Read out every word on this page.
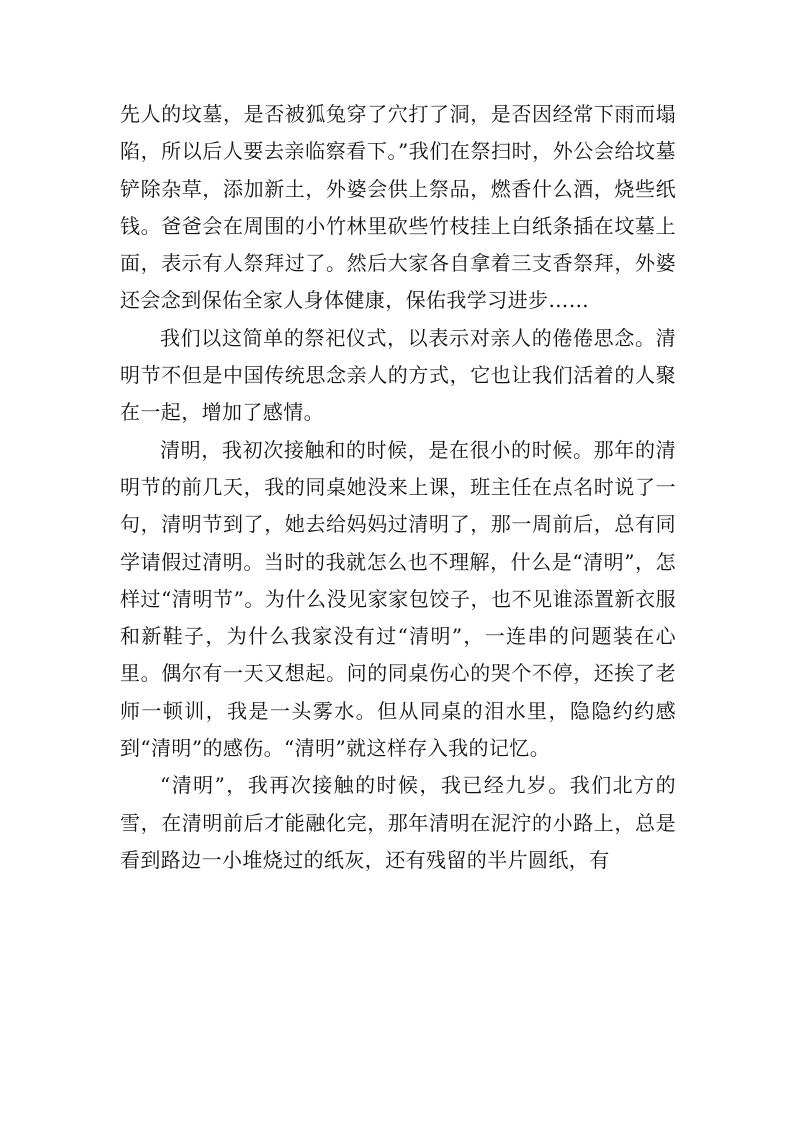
先人的坟墓，是否被狐兔穿了穴打了洞，是否因经常下雨而塌陷，所以后人要去亲临察看下。”我们在祭扫时，外公会给坟墓铲除杂草，添加新土，外婆会供上祭品，燃香什么酒，烧些纸钱。爸爸会在周围的小竹林里砍些竹枝挂上白纸条插在坟墓上面，表示有人祭拜过了。然后大家各自拿着三支香祭拜，外婆还会念到保佑全家人身体健康，保佑我学习进步……

我们以这简单的祭祀仪式，以表示对亲人的倦倦思念。清明节不但是中国传统思念亲人的方式，它也让我们活着的人聚在一起，增加了感情。

清明，我初次接触和的时候，是在很小的时候。那年的清明节的前几天，我的同桌她没来上课，班主任在点名时说了一句，清明节到了，她去给妈妈过清明了，那一周前后，总有同学请假过清明。当时的我就怎么也不理解，什么是“清明”，怎样过“清明节”。为什么没见家家包饺子，也不见谁添置新衣服和新鞋子，为什么我家没有过“清明”，一连串的问题装在心里。偶尔有一天又想起。问的同桌伤心的哭个不停，还挨了老师一顿训，我是一头雾水。但从同桌的泪水里，隐隐约约感到“清明”的感伤。“清明”就这样存入我的记忆。

“清明”，我再次接触的时候，我已经九岁。我们北方的雪，在清明前后才能融化完，那年清明在泥泞的小路上，总是看到路边一小堆烧过的纸灰，还有残留的半片圆纸，有
